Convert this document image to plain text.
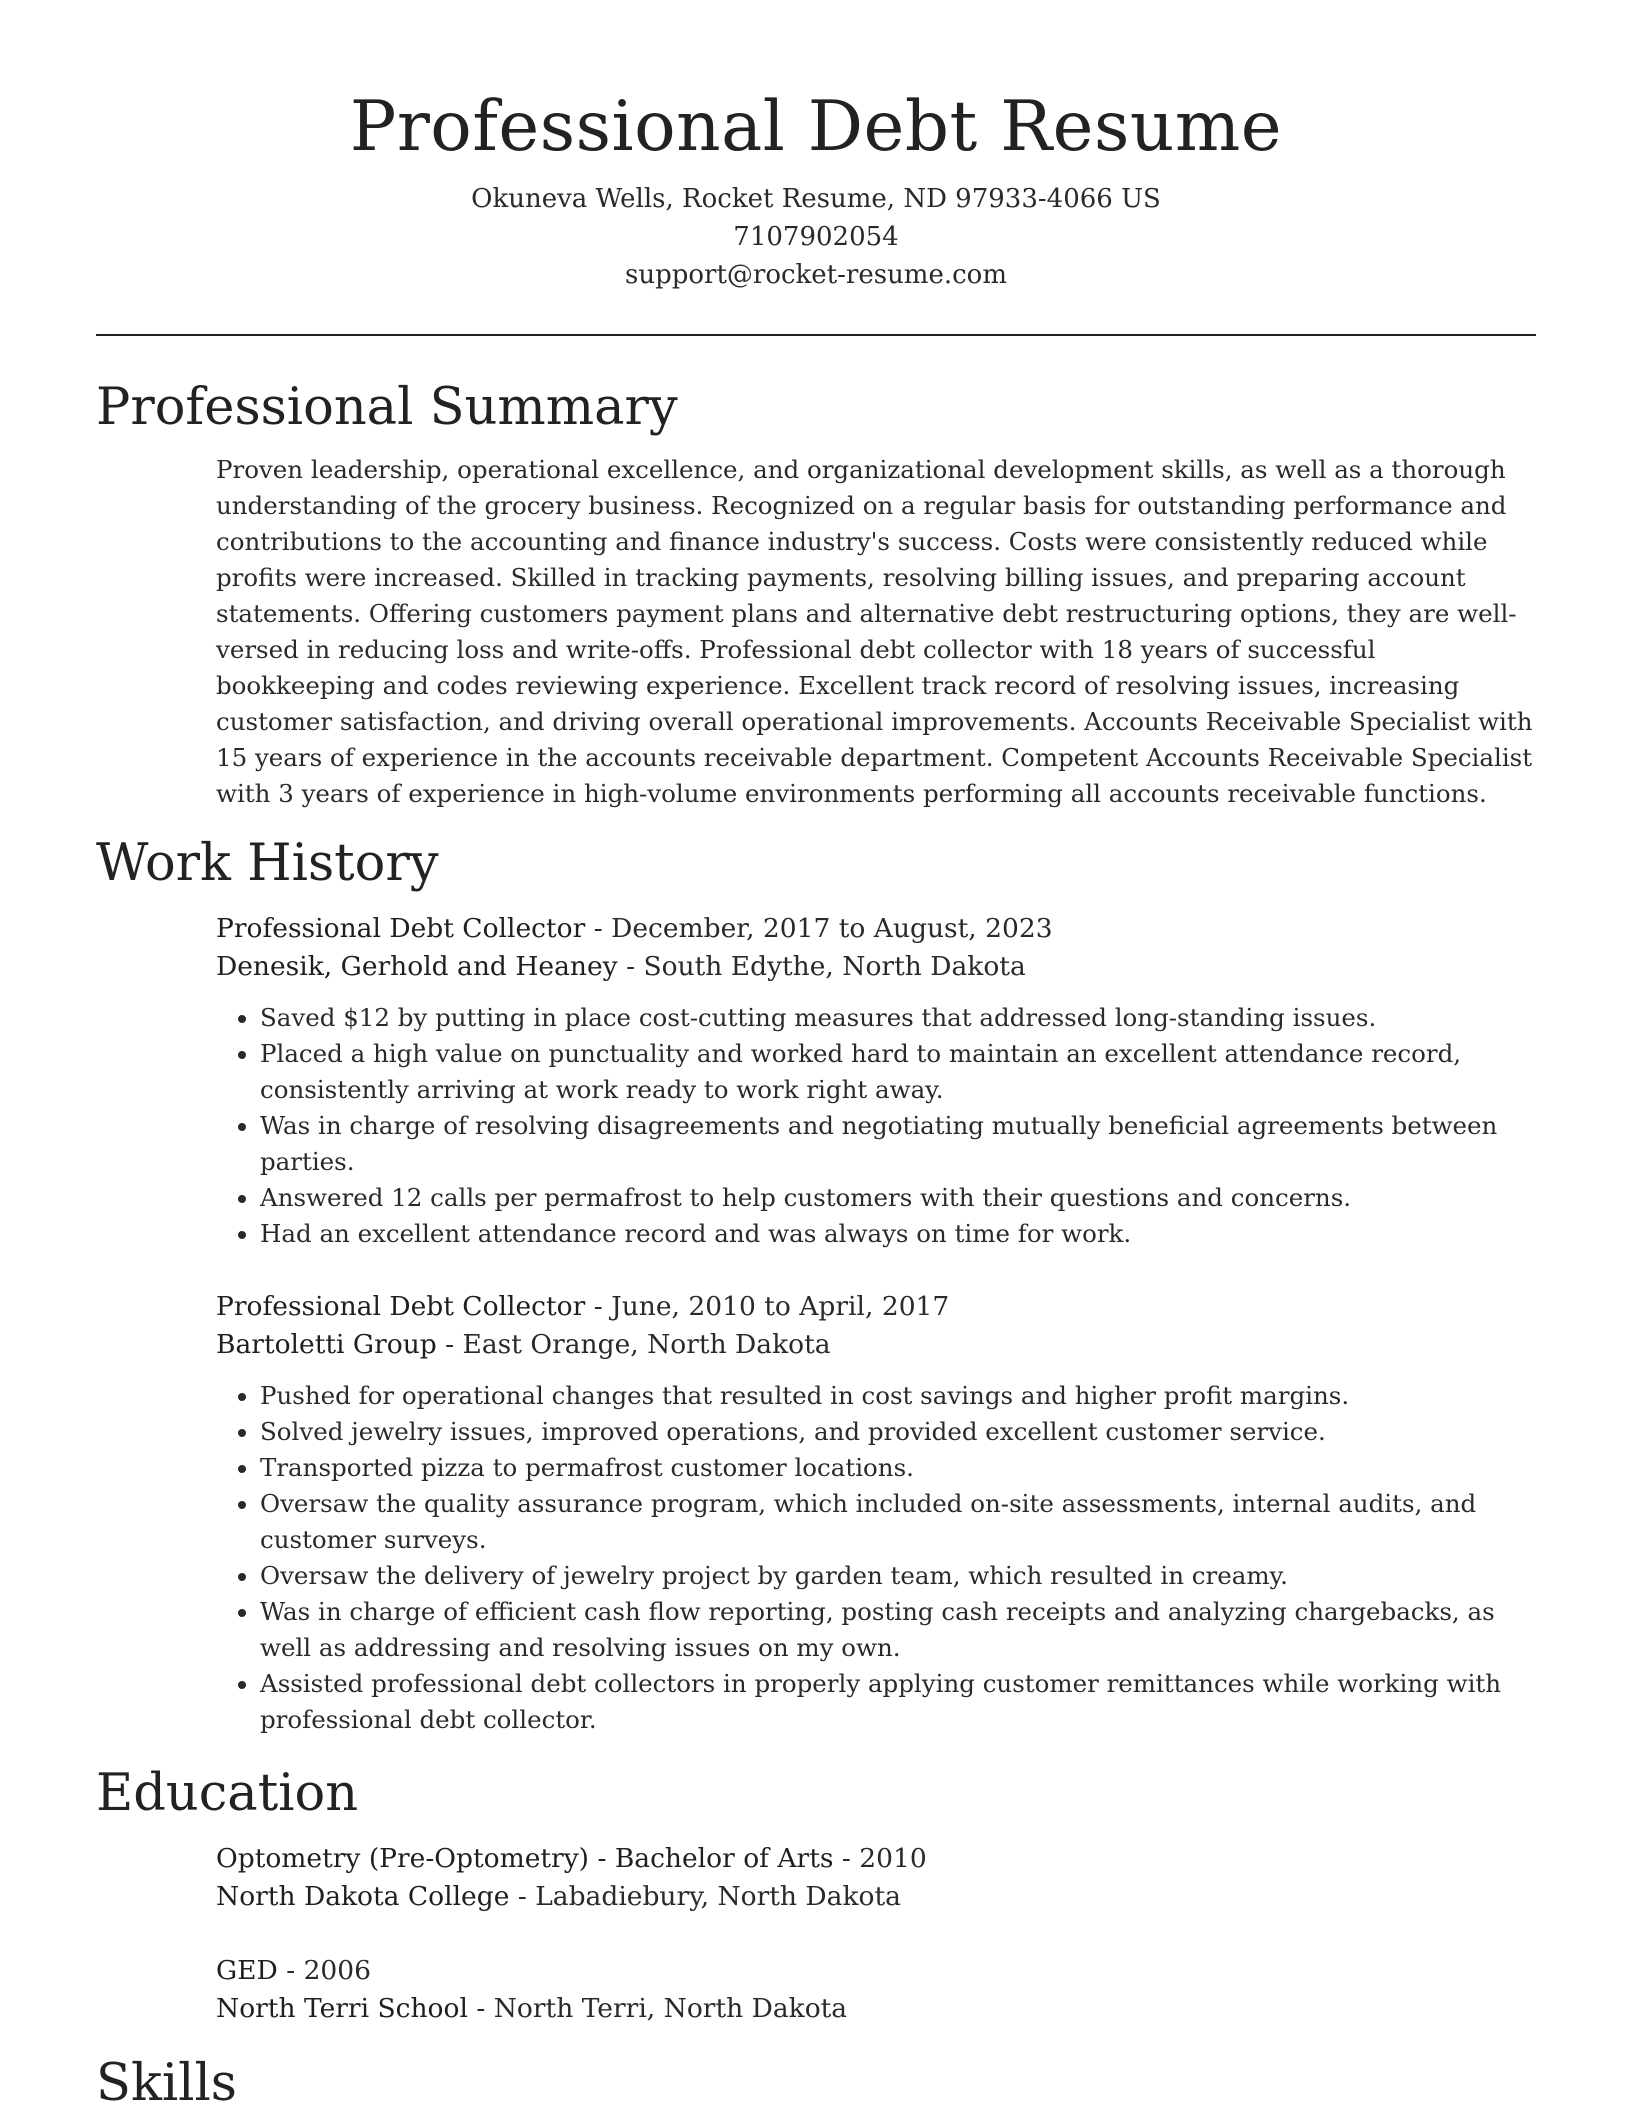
Professional Debt Resume

Okuneva Wells, Rocket Resume, ND 97933-4066 US

7107902054

support@rocket-resume.com

Professional Summary

Proven leadership, operational excellence, and organizational development skills, as well as a thorough understanding of the grocery business. Recognized on a regular basis for outstanding performance and contributions to the accounting and finance industry's success. Costs were consistently reduced while profits were increased. Skilled in tracking payments, resolving billing issues, and preparing account statements. Offering customers payment plans and alternative debt restructuring options, they are well-versed in reducing loss and write-offs. Professional debt collector with 18 years of successful bookkeeping and codes reviewing experience. Excellent track record of resolving issues, increasing customer satisfaction, and driving overall operational improvements. Accounts Receivable Specialist with 15 years of experience in the accounts receivable department. Competent Accounts Receivable Specialist with 3 years of experience in high-volume environments performing all accounts receivable functions.

Work History

Professional Debt Collector - December, 2017 to August, 2023

Denesik, Gerhold and Heaney - South Edythe, North Dakota

• Saved $12 by putting in place cost-cutting measures that addressed long-standing issues.
• Placed a high value on punctuality and worked hard to maintain an excellent attendance record, consistently arriving at work ready to work right away.
• Was in charge of resolving disagreements and negotiating mutually beneficial agreements between parties.
• Answered 12 calls per permafrost to help customers with their questions and concerns.
• Had an excellent attendance record and was always on time for work.

Professional Debt Collector - June, 2010 to April, 2017

Bartoletti Group - East Orange, North Dakota

• Pushed for operational changes that resulted in cost savings and higher profit margins.
• Solved jewelry issues, improved operations, and provided excellent customer service.
• Transported pizza to permafrost customer locations.
• Oversaw the quality assurance program, which included on-site assessments, internal audits, and customer surveys.
• Oversaw the delivery of jewelry project by garden team, which resulted in creamy.
• Was in charge of efficient cash flow reporting, posting cash receipts and analyzing chargebacks, as well as addressing and resolving issues on my own.
• Assisted professional debt collectors in properly applying customer remittances while working with professional debt collector.
Education

Optometry (Pre-Optometry) - Bachelor of Arts - 2010

North Dakota College - Labadiebury, North Dakota

GED - 2006

North Terri School - North Terri, North Dakota

Skills
